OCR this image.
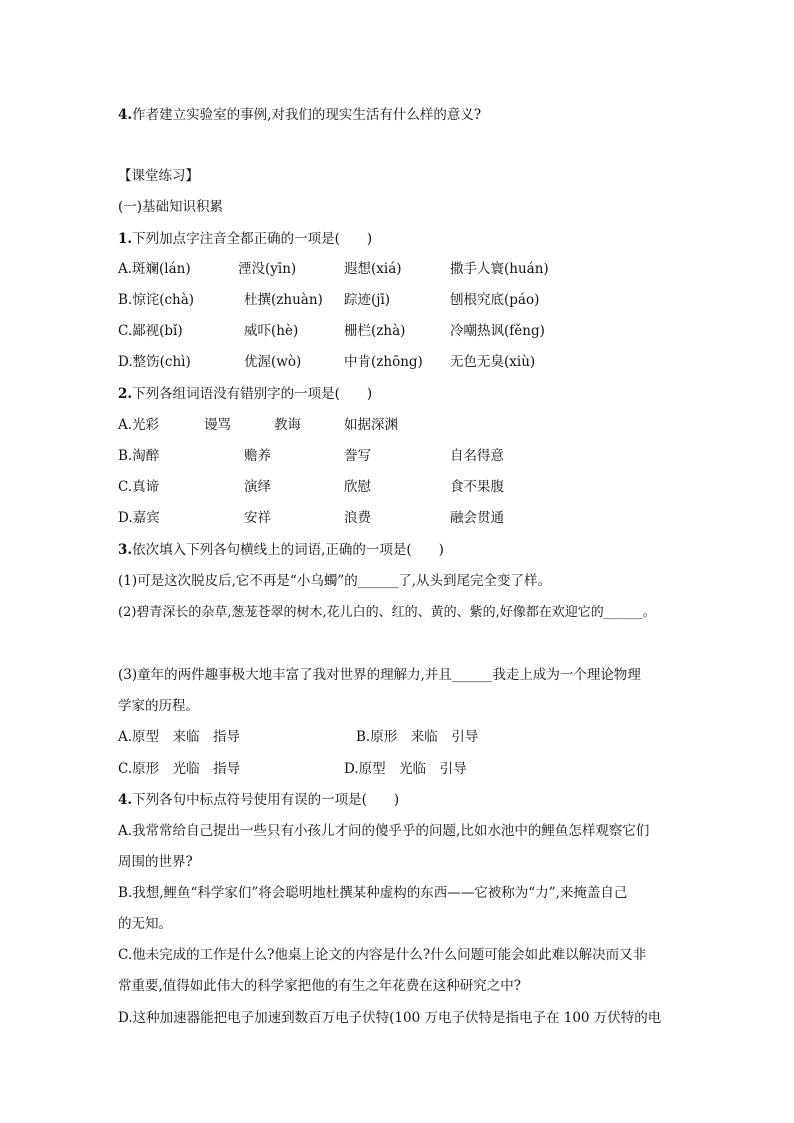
4.作者建立实验室的事例,对我们的现实生活有什么样的意义?
【课堂练习】
(一)基础知识积累
1.下列加点字注音全都正确的一项是(　　)
A.斑斓(lán)	湮没(yīn)	遐想(xiá)	撒手人寰(huán)
B.惊诧(chà)	杜撰(zhuàn) 踪迹(jī)	刨根究底(páo)
C.鄙视(bǐ)	威吓(hè)	栅栏(zhà)	冷嘲热讽(fěng)
D.整饬(chì)	优渥(wò)	中肯(zhōng) 无色无臭(xiù)
2.下列各组词语没有错别字的一项是(　　)
A.光彩	谩骂	教诲	如据深渊
B.淘醉	赡养	誊写	自名得意
C.真谛	演绎	欣慰	食不果腹
D.嘉宾	安祥	浪费	融会贯通
3.依次填入下列各句横线上的词语,正确的一项是(　　)
(1)可是这次脱皮后,它不再是“小乌蠋”的______了,从头到尾完全变了样。
(2)碧青深长的杂草,葱茏苍翠的树木,花儿白的、红的、黄的、紫的,好像都在欢迎它的______。
(3)童年的两件趣事极大地丰富了我对世界的理解力,并且______我走上成为一个理论物理
学家的历程。
A.原型　来临　指导	B.原形　来临　引导
C.原形　光临　指导	D.原型　光临　引导
4.下列各句中标点符号使用有误的一项是(　　)
A.我常常给自己提出一些只有小孩儿才问的傻乎乎的问题,比如水池中的鲤鱼怎样观察它们
周围的世界?
B.我想,鲤鱼“科学家们”将会聪明地杜撰某种虚构的东西——它被称为“力”,来掩盖自己
的无知。
C.他未完成的工作是什么?他桌上论文的内容是什么?什么问题可能会如此难以解决而又非
常重要,值得如此伟大的科学家把他的有生之年花费在这种研究之中?
D.这种加速器能把电子加速到数百万电子伏特(100 万电子伏特是指电子在 100 万伏特的电
